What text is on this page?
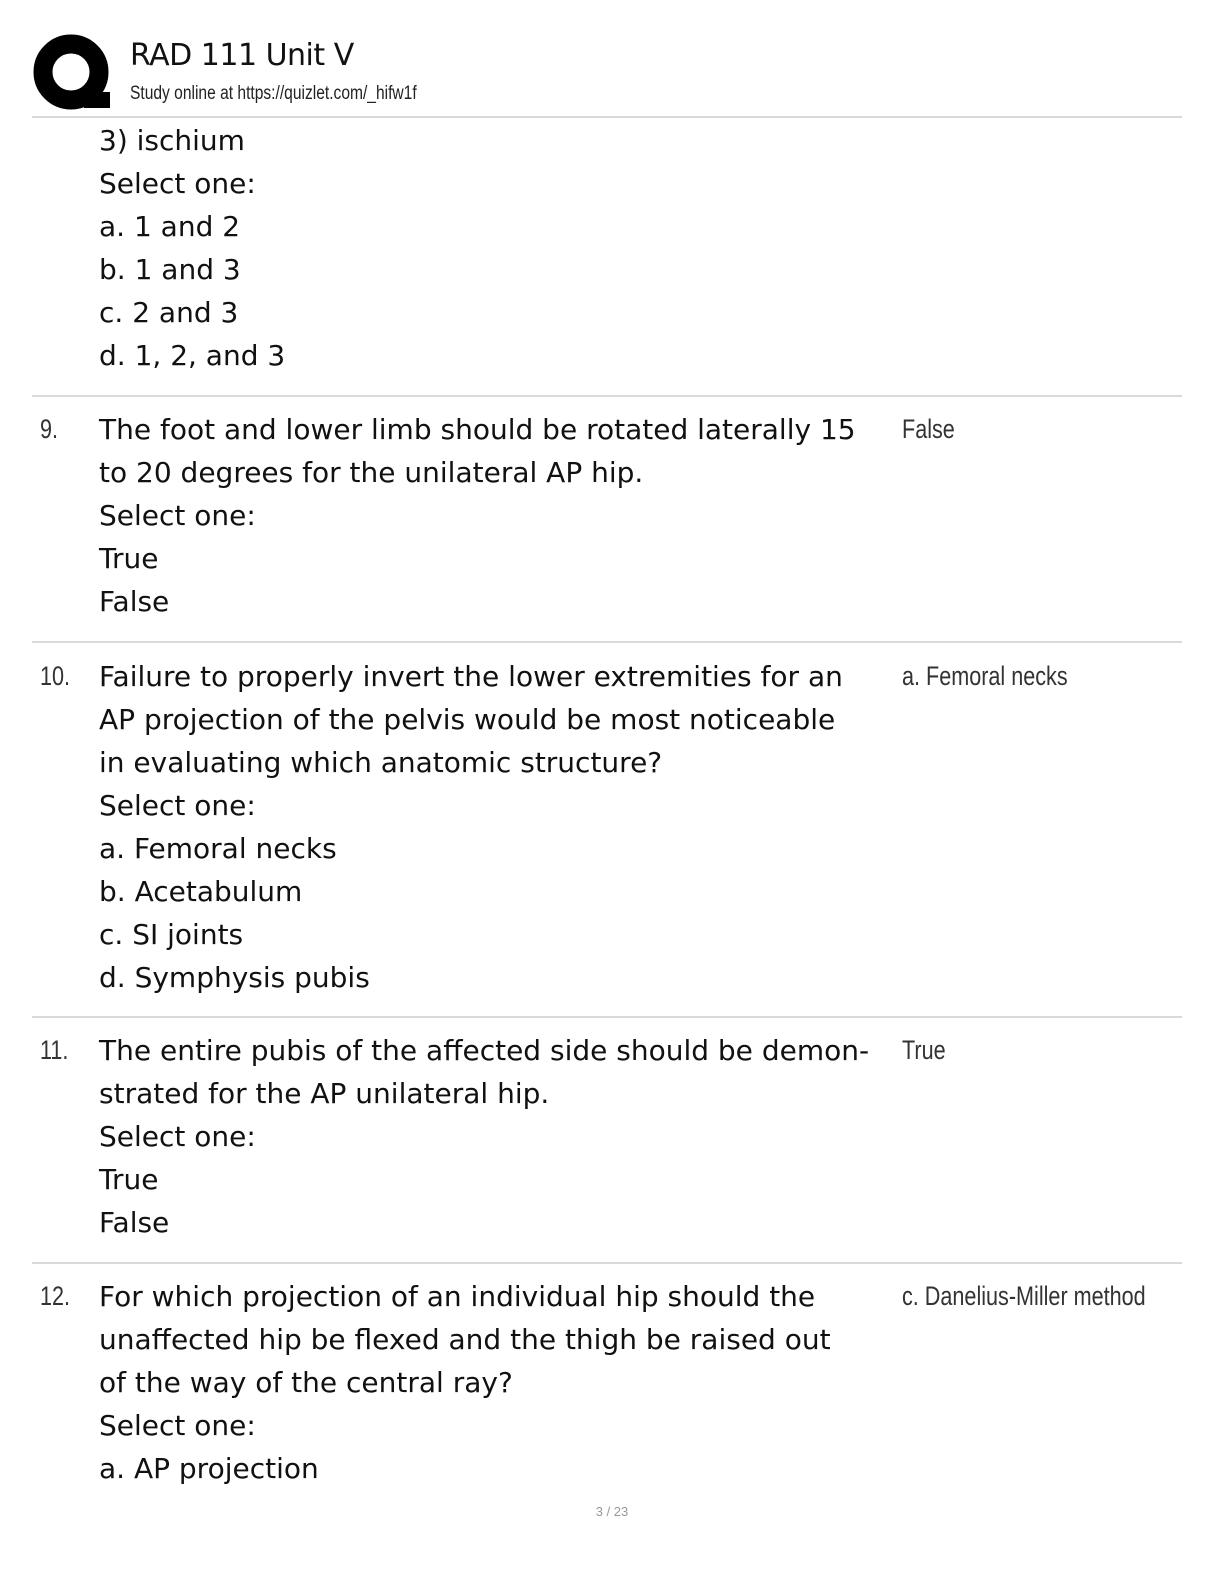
RAD 111 Unit V
Study online at https://quizlet.com/_hifw1f
3) ischium
Select one:
a. 1 and 2
b. 1 and 3
c. 2 and 3
d. 1, 2, and 3
9. The foot and lower limb should be rotated laterally 15
to 20 degrees for the unilateral AP hip.
Select one:
True
False
False
10. Failure to properly invert the lower extremities for an
AP projection of the pelvis would be most noticeable
in evaluating which anatomic structure?
Select one:
a. Femoral necks
b. Acetabulum
c. SI joints
d. Symphysis pubis
a. Femoral necks
11. The entire pubis of the affected side should be demon-
strated for the AP unilateral hip.
Select one:
True
False
True
12. For which projection of an individual hip should the
unaffected hip be flexed and the thigh be raised out
of the way of the central ray?
Select one:
a. AP projection
c. Danelius-Miller method
3 / 23
